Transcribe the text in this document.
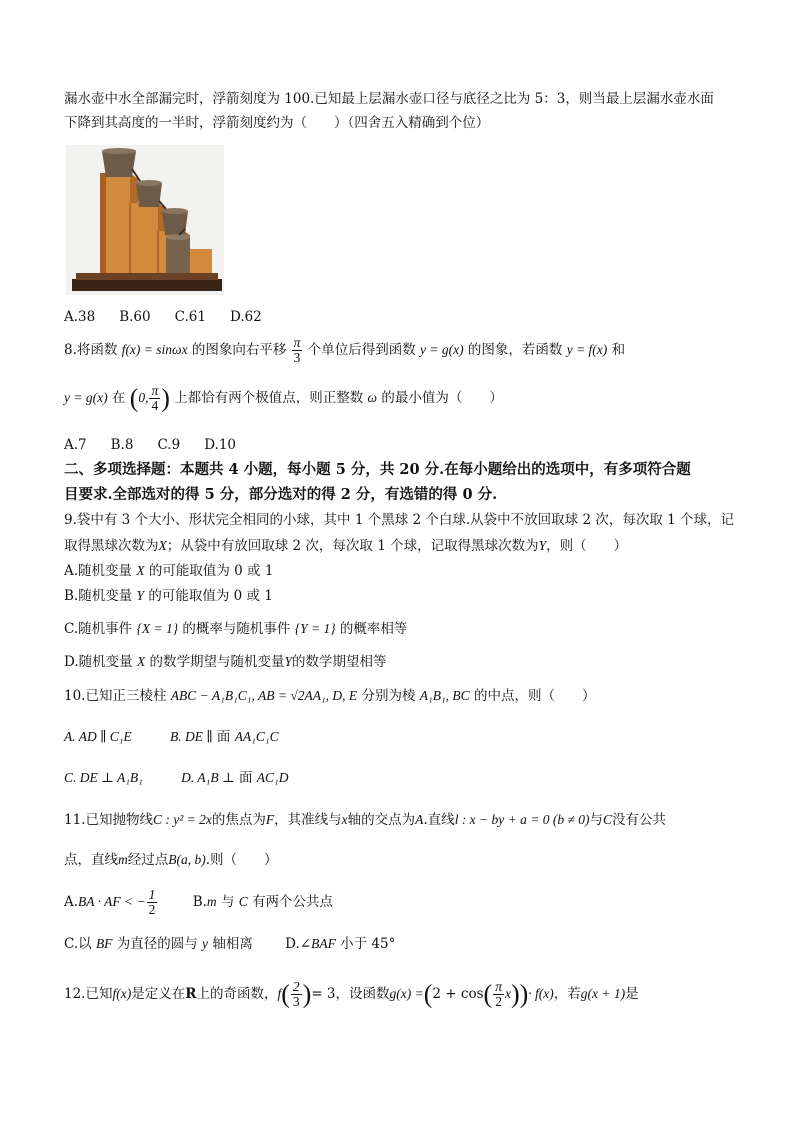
漏水壶中水全部漏完时，浮箭刻度为 100.已知最上层漏水壶口径与底径之比为 5：3，则当最上层漏水壶水面
下降到其高度的一半时，浮箭刻度约为（　　）（四舍五入精确到个位）
A.38 B.60 C.61 D.62
8.将函数 f(x) = sinωx 的图象向右平移 $\frac{\pi}{3}$ 个单位后得到函数 y = g(x) 的图象，若函数 y = f(x) 和
y = g(x) 在 (0, $\frac{\pi}{4}$ ) 上都恰有两个极值点，则正整数 ω 的最小值为（　　）
A.7 B.8 C.9 D.10
二、多项选择题：本题共 4 小题，每小题 5 分，共 20 分.在每小题给出的选项中，有多项符合题
目要求.全部选对的得 5 分，部分选对的得 2 分，有选错的得 0 分.
9.袋中有 3 个大小、形状完全相同的小球，其中 1 个黑球 2 个白球.从袋中不放回取球 2 次，每次取 1 个球，记
取得黑球次数为X；从袋中有放回取球 2 次，每次取 1 个球，记取得黑球次数为Y，则（　　）
A.随机变量 X 的可能取值为 0 或 1
B.随机变量 Y 的可能取值为 0 或 1
C.随机事件 {X = 1} 的概率与随机事件 {Y = 1} 的概率相等
D.随机变量 X 的数学期望与随机变量Y的数学期望相等
10.已知正三棱柱 ABC − A₁B₁C₁, AB = √2AA₁, D, E 分别为棱 A₁B₁, BC 的中点，则（　　）
A. AD ∥ C₁E	B. DE ∥ 面 AA₁C₁C
C. DE ⊥ A₁B₁	D. A₁B ⊥ 面 AC₁D
11.已知抛物线C : y² = 2x的焦点为F，其准线与x轴的交点为A.直线l : x − by + a = 0 (b ≠ 0)与C没有公共
点，直线m经过点B(a, b).则（　　）
A.BA · AF < − $\frac{1}{2}$	B.m 与 C 有两个公共点
C.以 BF 为直径的圆与 y 轴相离 D.∠BAF 小于 45°
12.已知f(x)是定义在R上的奇函数，$f( \frac{2}{3}$ )= 3，设函数$g(x) =(2 + \cos( \frac{\pi}{2} x))\cdot f(x)$，若g(x + 1)是
